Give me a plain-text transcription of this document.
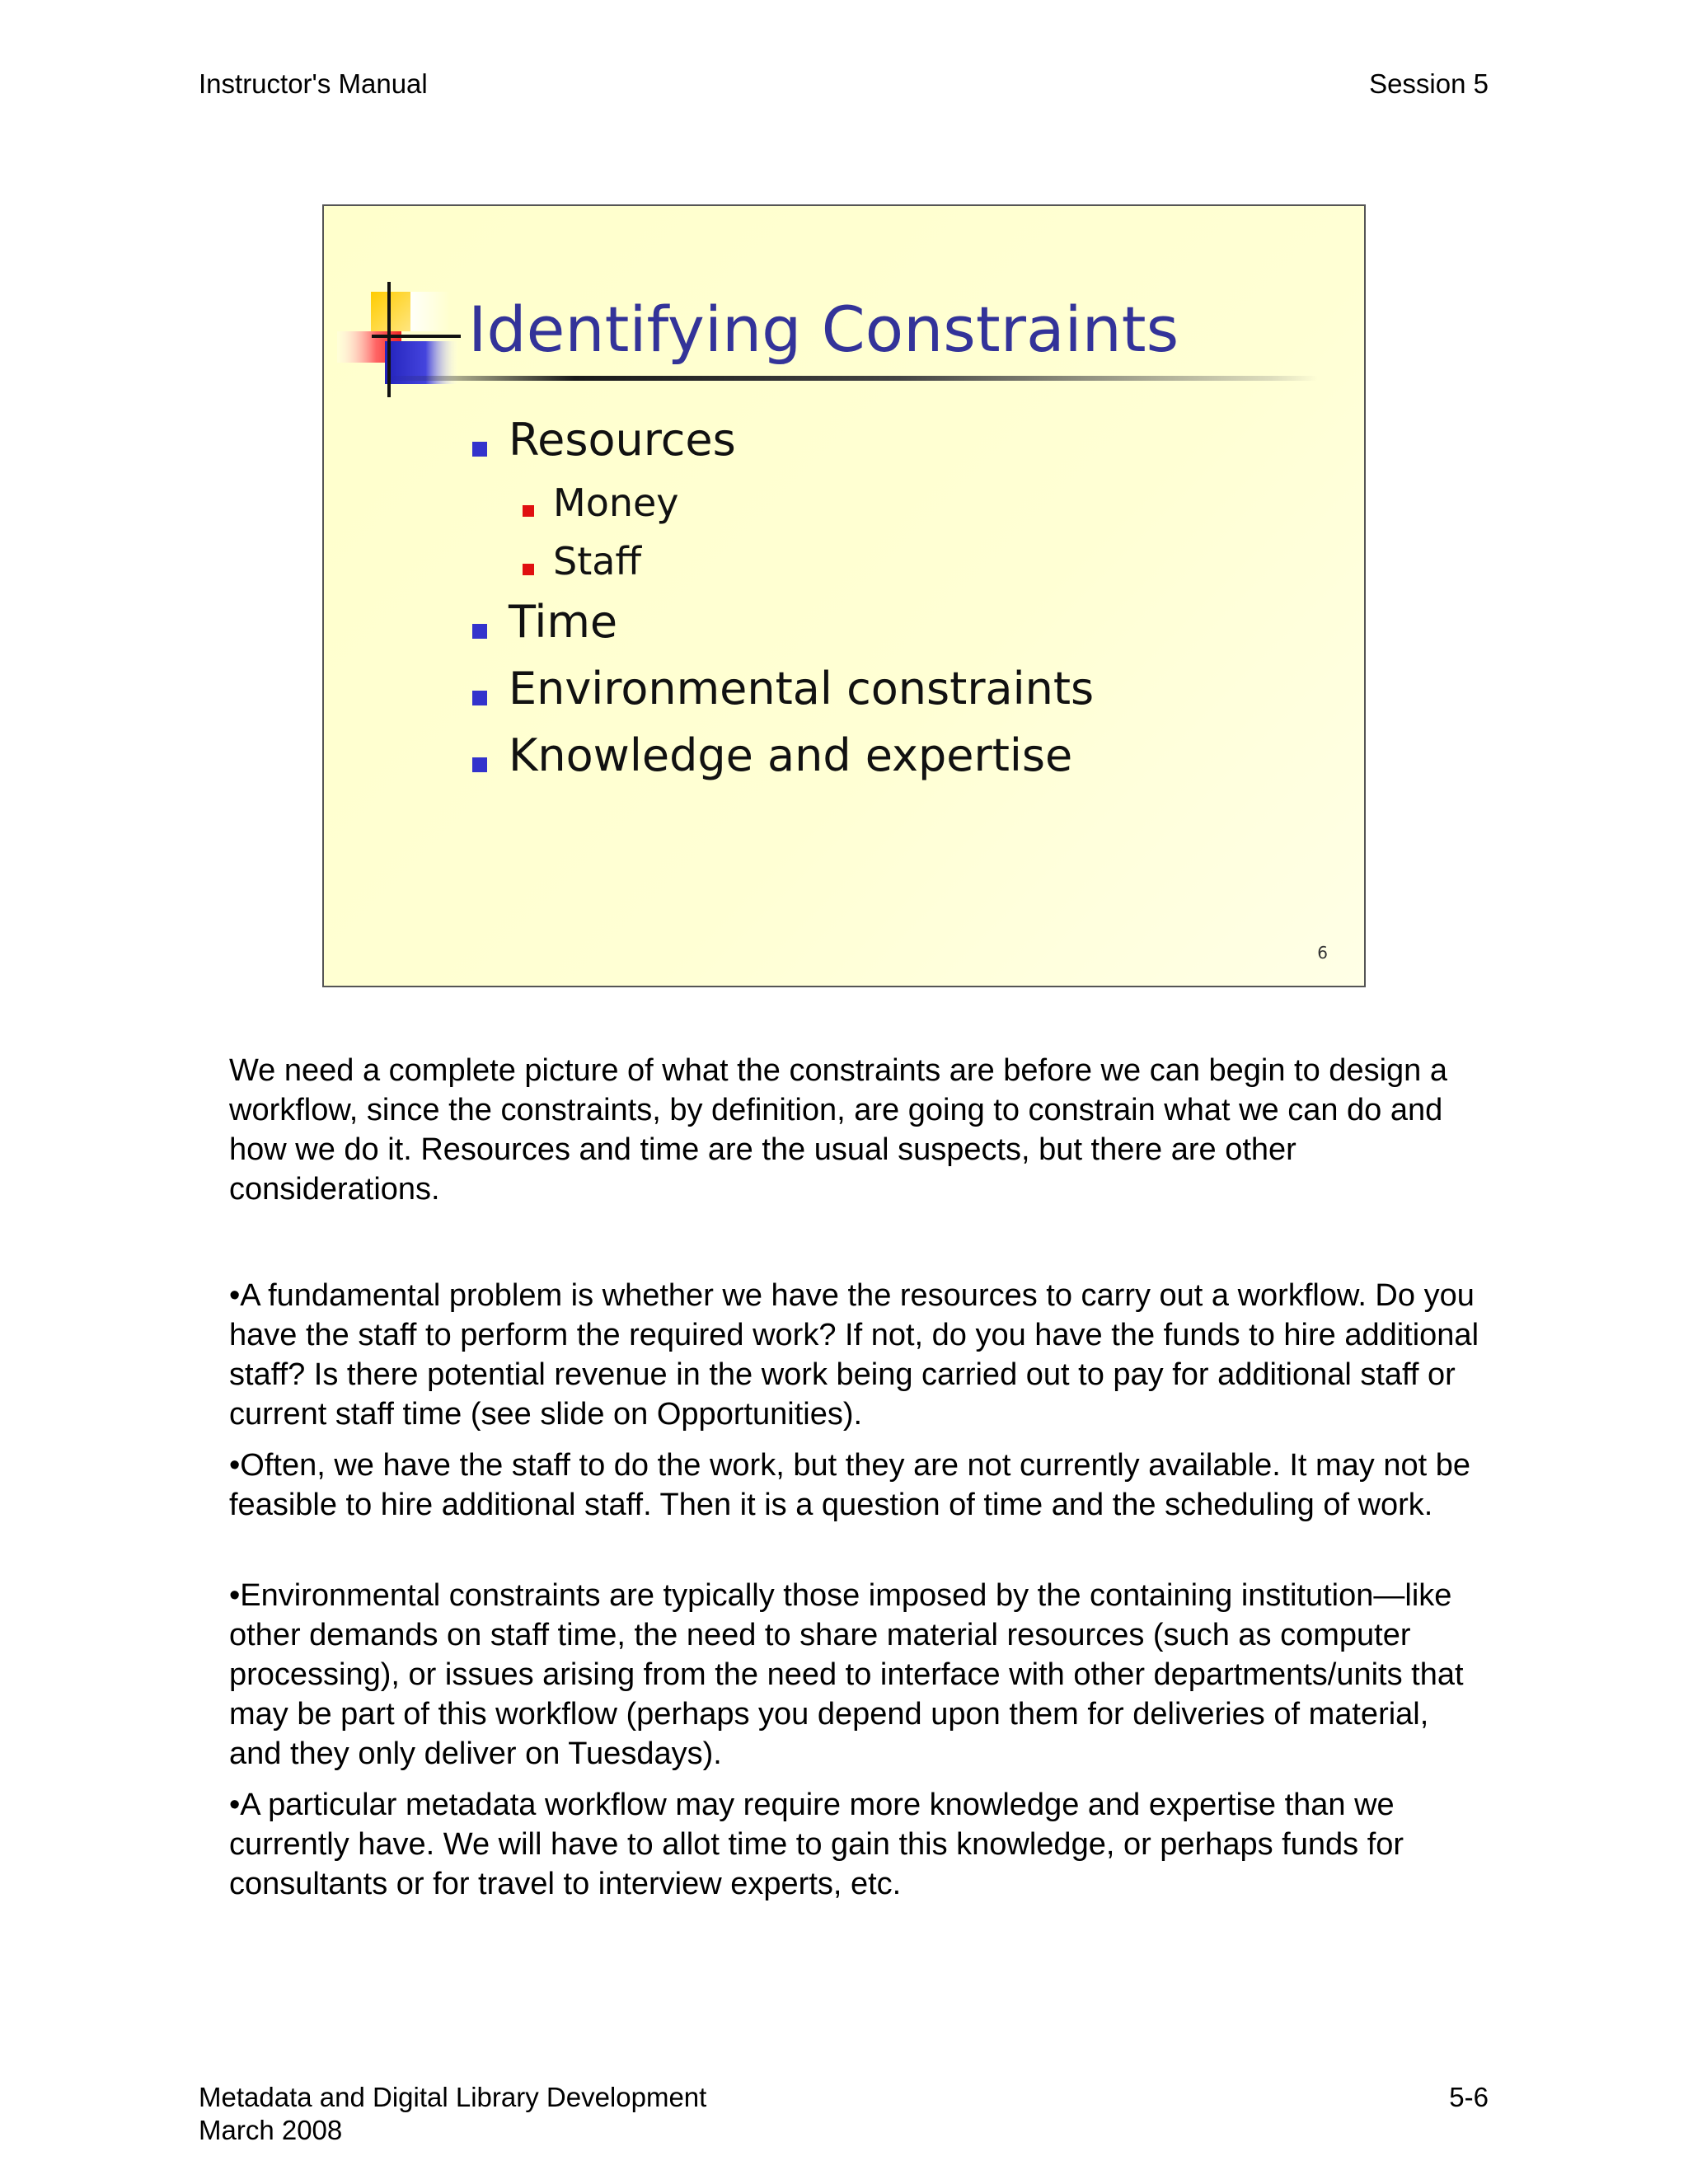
Instructor's Manual	Session 5
Identifying Constraints
Resources
Money
Staff
Time
Environmental constraints
Knowledge and expertise
6
We need a complete picture of what the constraints are before we can begin to design a workflow, since the constraints, by definition, are going to constrain what we can do and how we do it. Resources and time are the usual suspects, but there are other considerations.
•A fundamental problem is whether we have the resources to carry out a workflow. Do you have the staff to perform the required work? If not, do you have the funds to hire additional staff? Is there potential revenue in the work being carried out to pay for additional staff or current staff time (see slide on Opportunities).
•Often, we have the staff to do the work, but they are not currently available. It may not be feasible to hire additional staff. Then it is a question of time and the scheduling of work.
•Environmental constraints are typically those imposed by the containing institution—like other demands on staff time, the need to share material resources (such as computer processing), or issues arising from the need to interface with other departments/units that may be part of this workflow (perhaps you depend upon them for deliveries of material, and they only deliver on Tuesdays).
•A particular metadata workflow may require more knowledge and expertise than we currently have. We will have to allot time to gain this knowledge, or perhaps funds for consultants or for travel to interview experts, etc.
Metadata and Digital Library Development
March 2008
5-6
